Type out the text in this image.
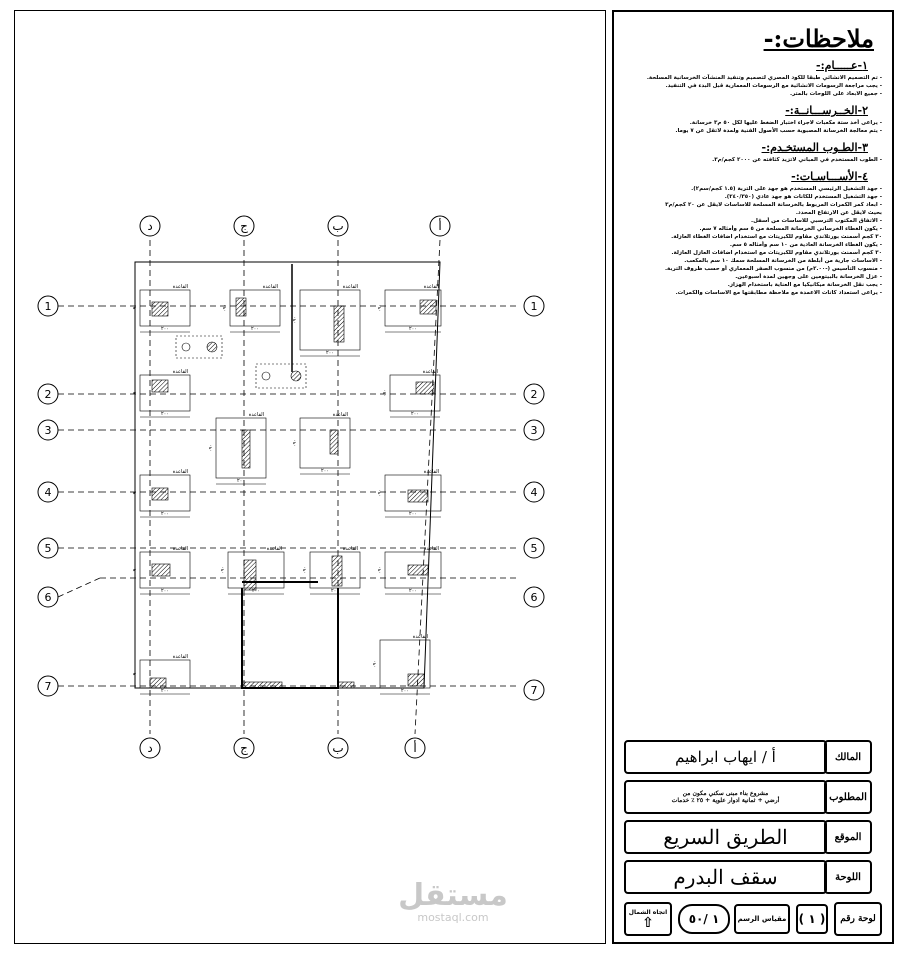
د
د
ج
ج
ب
ب
أ
أ
1	1
2	2
3	3
4	4
5	5
6	6
7	7
القاعدة
٢٠٠
٠٩٠
القاعدة
٢٠٠
٠٩٠
القاعدة
٢٠٠
٠٩٠
القاعدة
٢٠٠
٠٩٠
القاعدة
٢٠٠
٠٩٠
القاعدة
٢٠٠
٠٩٠
القاعدة
٢٠٠
٠٩٠
القاعدة
٢٠٠
٠٩٠
القاعدة
٢٠٠
٠٩٠
القاعدة
٢٠٠
٠٩٠
القاعدة
٢٠٠
٠٩٠
القاعدة
٢٠٠
٠٩٠
القاعدة
٢٠٠
٠٩٠
القاعدة
٢٠٠
٠٩٠
القاعدة
٢٠٠
٠٩٠
القاعدة
٢٠٠
٠٩٠
ملاحظات:-
١-عـــــام:-
- تم التصميم الانشائي طبقا للكود المصري لتصميم وتنفيذ المنشآت الخرسانية المسلحة.
- يجب مراجعة الرسومات الانشائية مع الرسومات المعمارية قبل البدء في التنفيذ.
- جميع الابعاد على اللوحات بالمتر.
٢-الخــرســـانــة:-
- يراعى أخذ ستة مكعبات لاجراء اختبار الضغط عليها لكل ٥٠ م٣ خرسانة.
- يتم معالجة الخرسانة المصبوبة حسب الأصول الفنية ولمدة لاتقل عن ٧ يوما.
٣-الطـوب المستخـدم:-
- الطوب المستخدم في المباني لاتزيد كثافته عن ٢٠٠٠ كجم/م٣.
٤-الأســـاسـات:-
- جهد التشغيل الرئيسي المستخدم هو جهد على التربة (١.٥ كجم/سم٢).
- جهد التشغيل المستخدم للكانات هو جهد عادي (٢٤٠/٣٥٠).
- ابعاد كمر الكمرات المربوط بالخرسانة المسلحة للاساسات لايقل عن ٢٠ كجم/م٣
بحيث لايقل عن الارتفاع المحدد.
- الاتفاق المكتوب الترسبي للاساسات من أسفل.
- يكون الغطاء الخرساني الخرسانة المسلحة من ٥ سم وأمثاله ٧ سم.
٣٠ كجم أسمنت بورتلاندي مقاوم للكبريتات مع استخدام اضافات الغطاء العازلة.
- يكون الغطاء الخرسانة العادية من ١٠ سم وأمثاله ٥ سم.
٣٠ كجم أسمنت بورتلاندي مقاوم للكبريتات مع استخدام اضافات العازل العازلة.
- الاساسات جارية من أبلطة من الخرسانة المسلحة سمك ١٠ سم بالمكعب.
- منسوب التأسيس (-٢.٠٠م) من منسوب الصفر المعماري أو حسب ظروف التربة.
- عزل الخرسانة بالبيتومين على وجهين لمدة أسبوعين.
- يجب نقل الخرسانة ميكانيكيا مع العناية باستخدام الهزاز.
- يراعى استعداد كانات الاعمدة مع ملاحظة مطابقتها مع الاساسات والكمرات.
أ / ايهاب ابراهيم	المالك
مشروع بناء مبنى سكني مكون من
أرضي + ثمانية ادوار علوية + ٢٥ ٪ خدمات	المطلوب
الطريق السريع	الموقع
سقف البدرم	اللوحة
لوحة رقم
( ١ )
مقياس الرسم
١ /٥٠
اتجاه الشمال
⇧
مستقل
mostaql.com
